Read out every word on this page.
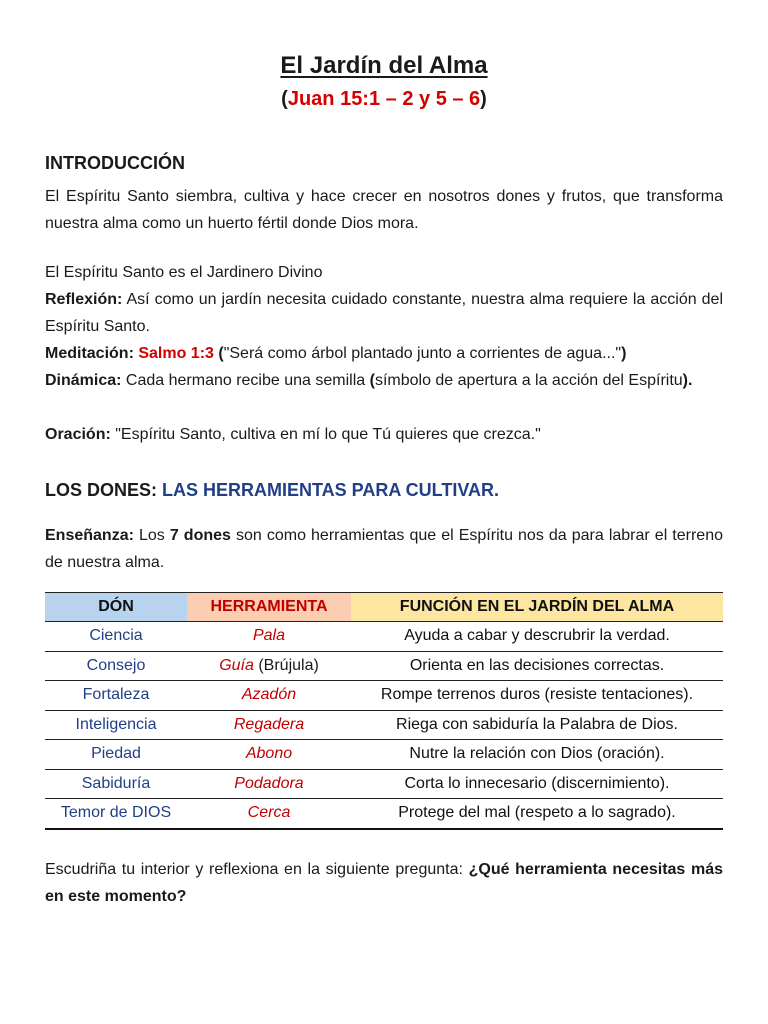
El Jardín del Alma
(Juan 15:1 – 2 y 5 – 6)
INTRODUCCIÓN
El Espíritu Santo siembra, cultiva y hace crecer en nosotros dones y frutos, que transforma nuestra alma como un huerto fértil donde Dios mora.
El Espíritu Santo es el Jardinero Divino
Reflexión: Así como un jardín necesita cuidado constante, nuestra alma requiere la acción del Espíritu Santo.
Meditación: Salmo 1:3 ("Será como árbol plantado junto a corrientes de agua...")
Dinámica: Cada hermano recibe una semilla (símbolo de apertura a la acción del Espíritu).
Oración: "Espíritu Santo, cultiva en mí lo que Tú quieres que crezca."
LOS DONES: LAS HERRAMIENTAS PARA CULTIVAR.
Enseñanza: Los 7 dones son como herramientas que el Espíritu nos da para labrar el terreno de nuestra alma.
DÓN	HERRAMIENTA	FUNCIÓN EN EL JARDÍN DEL ALMA
Ciencia	Pala	Ayuda a cabar y descrubrir la verdad.
Consejo	Guía (Brújula)	Orienta en las decisiones correctas.
Fortaleza	Azadón	Rompe terrenos duros (resiste tentaciones).
Inteligencia	Regadera	Riega con sabiduría la Palabra de Dios.
Piedad	Abono	Nutre la relación con Dios (oración).
Sabiduría	Podadora	Corta lo innecesario (discernimiento).
Temor de DIOS	Cerca	Protege del mal (respeto a lo sagrado).
Escudriña tu interior y reflexiona en la siguiente pregunta: ¿Qué herramienta necesitas más en este momento?
